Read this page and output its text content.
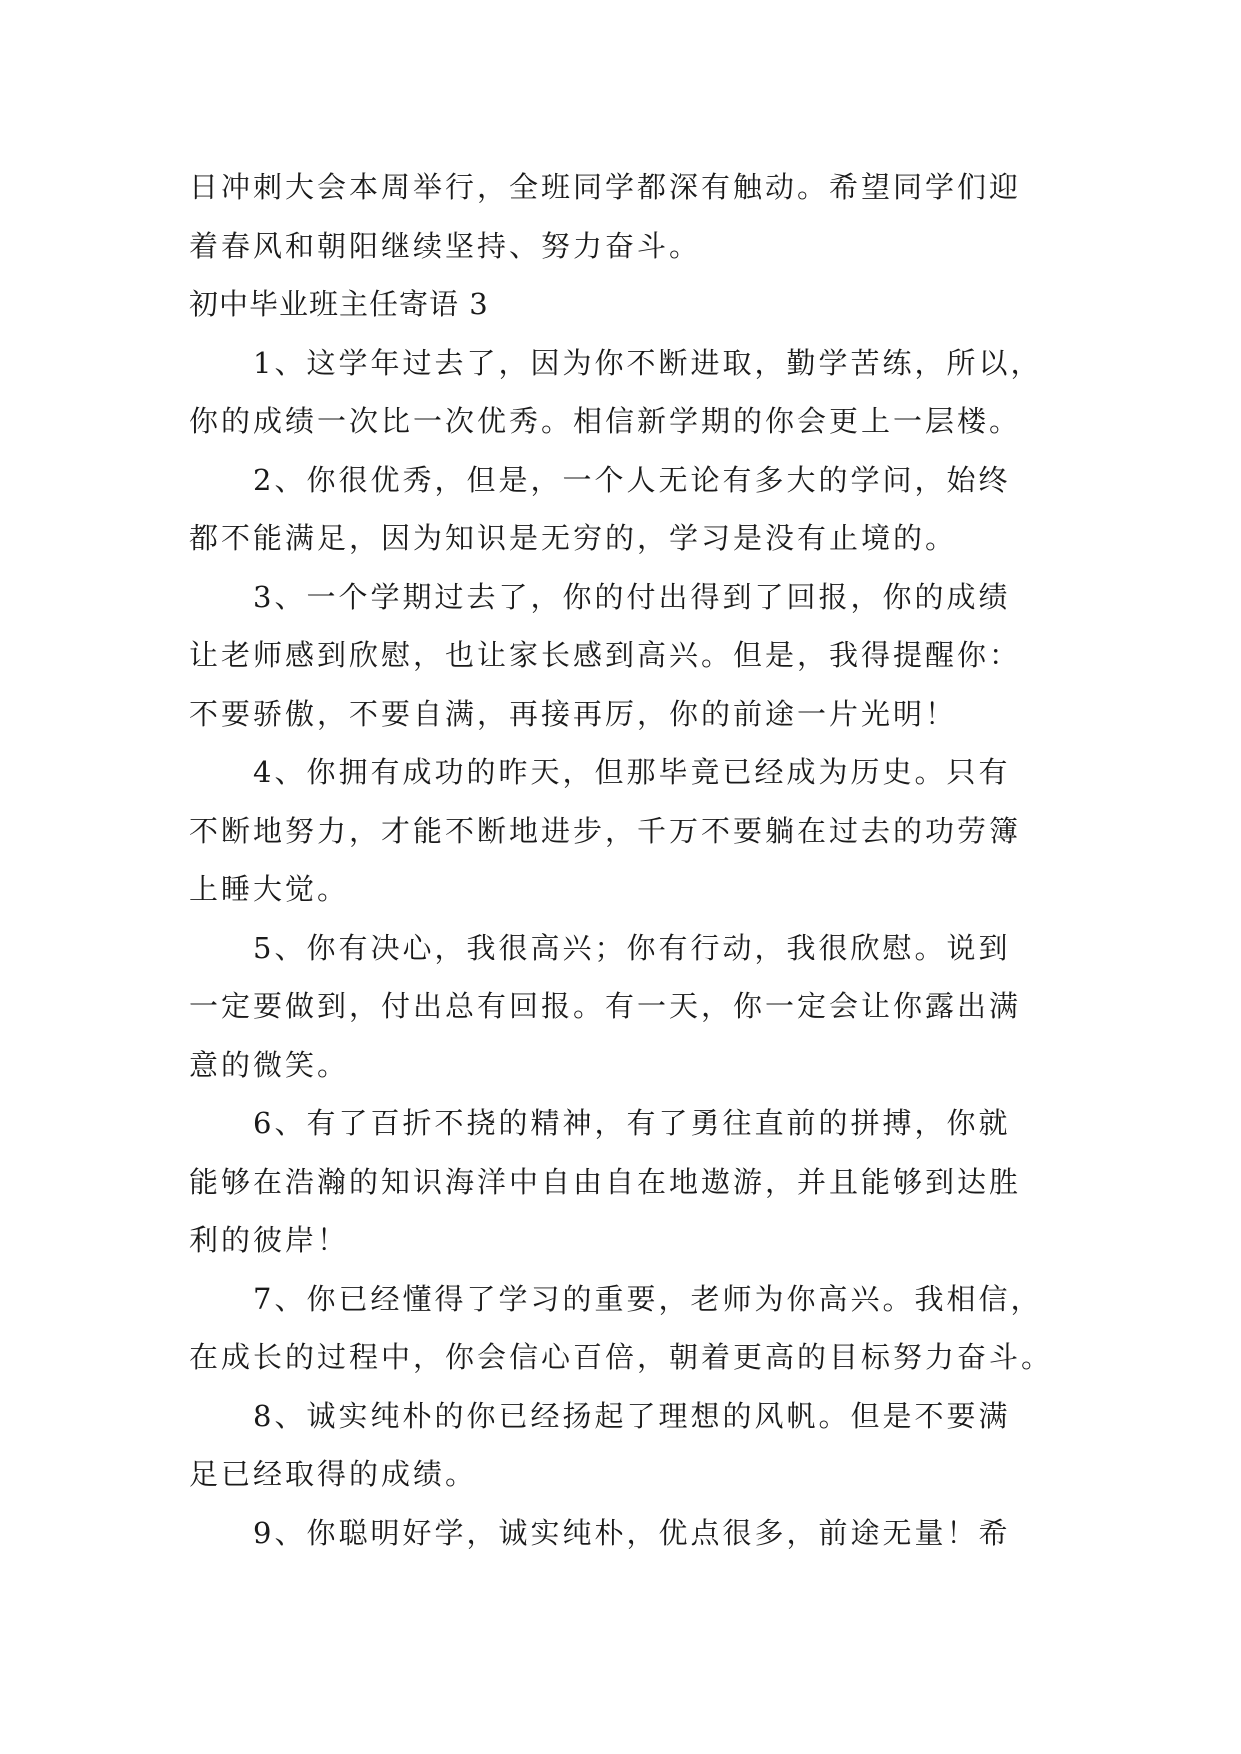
日冲刺大会本周举行，全班同学都深有触动。希望同学们迎
着春风和朝阳继续坚持、努力奋斗。
初中毕业班主任寄语 3
1、这学年过去了，因为你不断进取，勤学苦练，所以，
你的成绩一次比一次优秀。相信新学期的你会更上一层楼。
2、你很优秀，但是，一个人无论有多大的学问，始终
都不能满足，因为知识是无穷的，学习是没有止境的。
3、一个学期过去了，你的付出得到了回报，你的成绩
让老师感到欣慰，也让家长感到高兴。但是，我得提醒你：
不要骄傲，不要自满，再接再厉，你的前途一片光明！
4、你拥有成功的昨天，但那毕竟已经成为历史。只有
不断地努力，才能不断地进步，千万不要躺在过去的功劳簿
上睡大觉。
5、你有决心，我很高兴；你有行动，我很欣慰。说到
一定要做到，付出总有回报。有一天，你一定会让你露出满
意的微笑。
6、有了百折不挠的精神，有了勇往直前的拼搏，你就
能够在浩瀚的知识海洋中自由自在地遨游，并且能够到达胜
利的彼岸！
7、你已经懂得了学习的重要，老师为你高兴。我相信，
在成长的过程中，你会信心百倍，朝着更高的目标努力奋斗。
8、诚实纯朴的你已经扬起了理想的风帆。但是不要满
足已经取得的成绩。
9、你聪明好学，诚实纯朴，优点很多，前途无量！希
